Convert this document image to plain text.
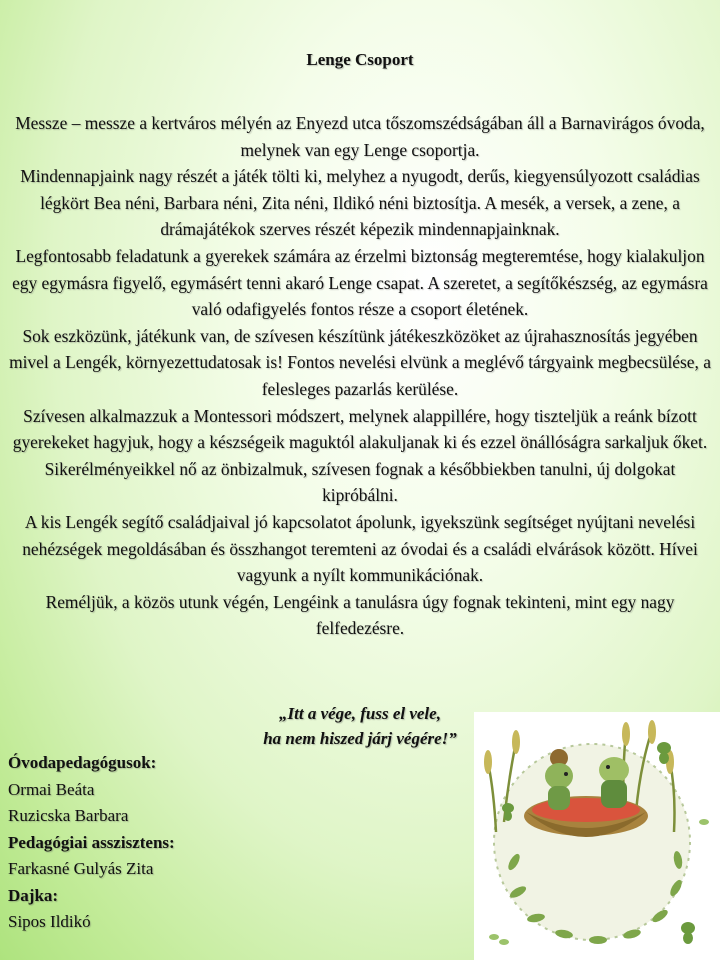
Lenge Csoport

Messze – messze a kertváros mélyén az Enyezd utca tőszomszédságában áll a Barnavirágos óvoda, melynek van egy Lenge csoportja.

Mindennapjaink nagy részét a játék tölti ki, melyhez a nyugodt, derűs, kiegyensúlyozott családias légkört Bea néni, Barbara néni, Zita néni, Ildikó néni biztosítja. A mesék, a versek, a zene, a drámajátékok szerves részét képezik mindennapjainknak.

Legfontosabb feladatunk a gyerekek számára az érzelmi biztonság megteremtése, hogy kialakuljon egy egymásra figyelő, egymásért tenni akaró Lenge csapat. A szeretet, a segítőkészség, az egymásra való odafigyelés fontos része a csoport életének.

Sok eszközünk, játékunk van, de szívesen készítünk játékeszközöket az újrahasznosítás jegyében mivel a Lengék, környezettudatosak is! Fontos nevelési elvünk a meglévő tárgyaink megbecsülése, a felesleges pazarlás kerülése.

Szívesen alkalmazzuk a Montessori módszert, melynek alappillére, hogy tiszteljük a reánk bízott gyerekeket hagyjuk, hogy a készségeik maguktól alakuljanak ki és ezzel önállóságra sarkaljuk őket. Sikerélményeikkel nő az önbizalmuk, szívesen fognak a későbbiekben tanulni, új dolgokat kipróbálni.

A kis Lengék segítő családjaival jó kapcsolatot ápolunk, igyekszünk segítséget nyújtani nevelési nehézségek megoldásában és összhangot teremteni az óvodai és a családi elvárások között. Hívei vagyunk a nyílt kommunikációnak.

Reméljük, a közös utunk végén, Lengéink a tanulásra úgy fognak tekinteni, mint egy nagy felfedezésre.

„Itt a vége, fuss el vele,
ha nem hiszed járj végére!”
Óvodapedagógusok:
Ormai Beáta
Ruzicska Barbara
Pedagógiai asszisztens:
Farkasné Gulyás Zita
Dajka:
Sipos Ildikó
